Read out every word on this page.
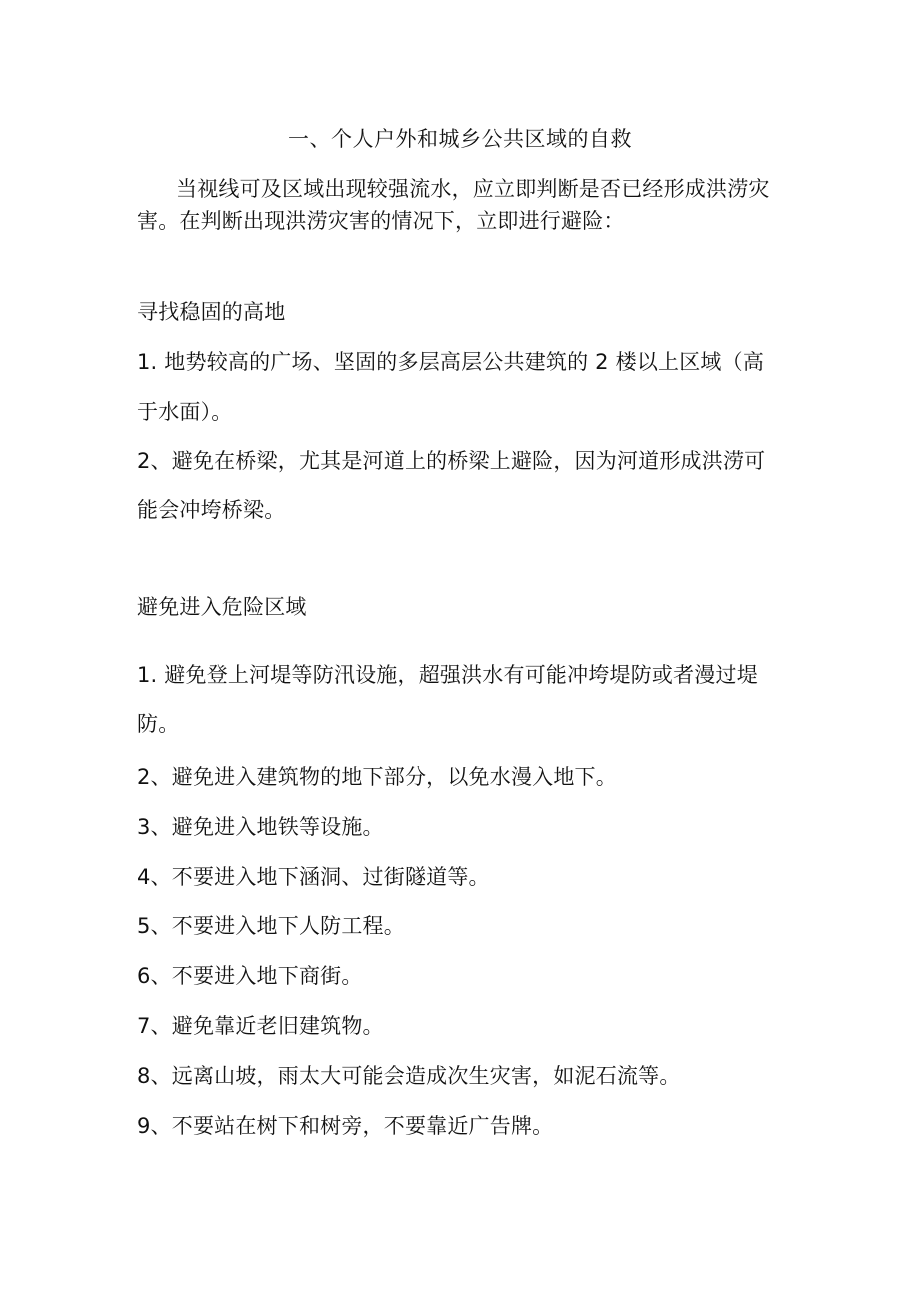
一、个人户外和城乡公共区域的自救
当视线可及区域出现较强流水，应立即判断是否已经形成洪涝灾
害。在判断出现洪涝灾害的情况下，立即进行避险：
寻找稳固的高地
1. 地势较高的广场、坚固的多层高层公共建筑的 2 楼以上区域（高
于水面）。
2、避免在桥梁，尤其是河道上的桥梁上避险，因为河道形成洪涝可
能会冲垮桥梁。
避免进入危险区域
1. 避免登上河堤等防汛设施，超强洪水有可能冲垮堤防或者漫过堤
防。
2、避免进入建筑物的地下部分，以免水漫入地下。
3、避免进入地铁等设施。
4、不要进入地下涵洞、过街隧道等。
5、不要进入地下人防工程。
6、不要进入地下商街。
7、避免靠近老旧建筑物。
8、远离山坡，雨太大可能会造成次生灾害，如泥石流等。
9、不要站在树下和树旁，不要靠近广告牌。
